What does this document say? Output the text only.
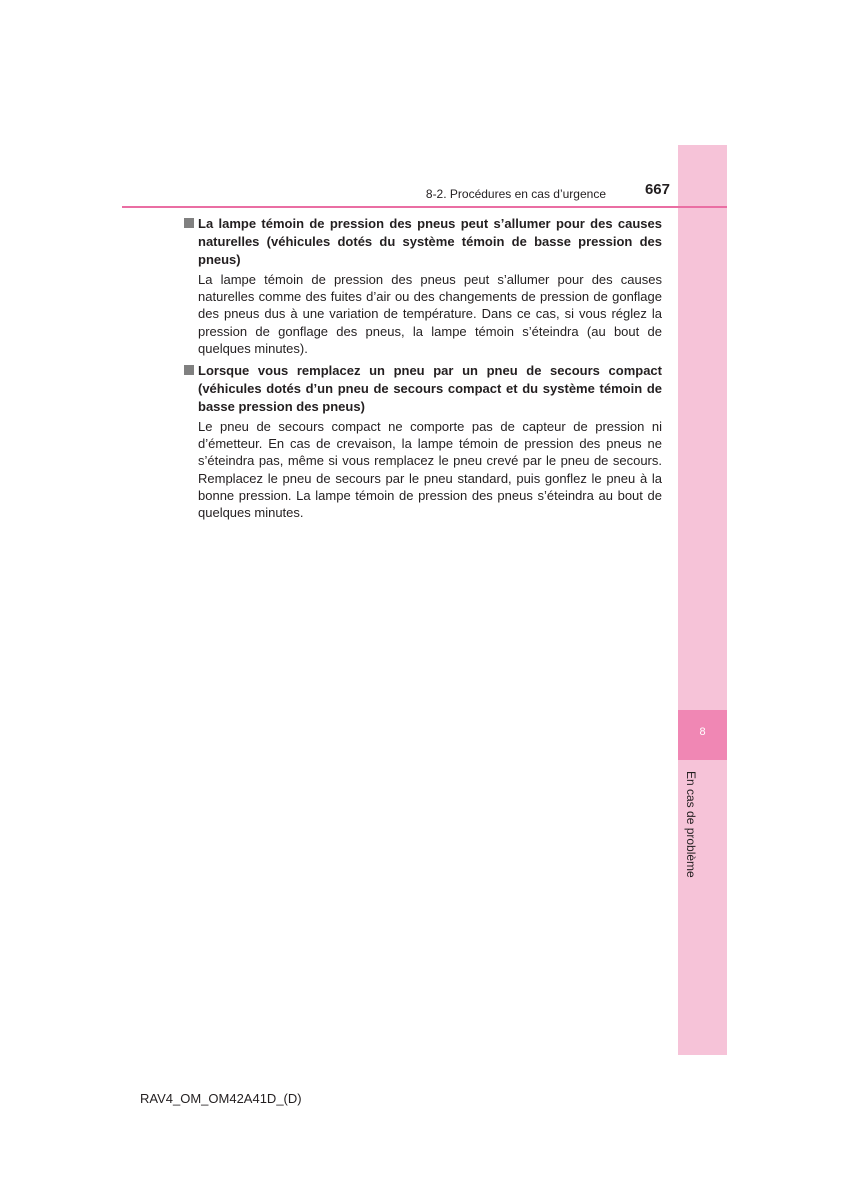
8
En cas de problème
8-2. Procédures en cas d’urgence	667
La lampe témoin de pression des pneus peut s’allumer pour des causes naturelles (véhicules dotés du système témoin de basse pression des pneus)
La lampe témoin de pression des pneus peut s’allumer pour des causes naturelles comme des fuites d’air ou des changements de pression de gonflage des pneus dus à une variation de température. Dans ce cas, si vous réglez la pression de gonflage des pneus, la lampe témoin s’éteindra (au bout de quelques minutes).
Lorsque vous remplacez un pneu par un pneu de secours compact (véhicules dotés d’un pneu de secours compact et du système témoin de basse pression des pneus)
Le pneu de secours compact ne comporte pas de capteur de pression ni d’émetteur. En cas de crevaison, la lampe témoin de pression des pneus ne s’éteindra pas, même si vous remplacez le pneu crevé par le pneu de secours. Remplacez le pneu de secours par le pneu standard, puis gonflez le pneu à la bonne pression. La lampe témoin de pression des pneus s’éteindra au bout de quelques minutes.
RAV4_OM_OM42A41D_(D)
